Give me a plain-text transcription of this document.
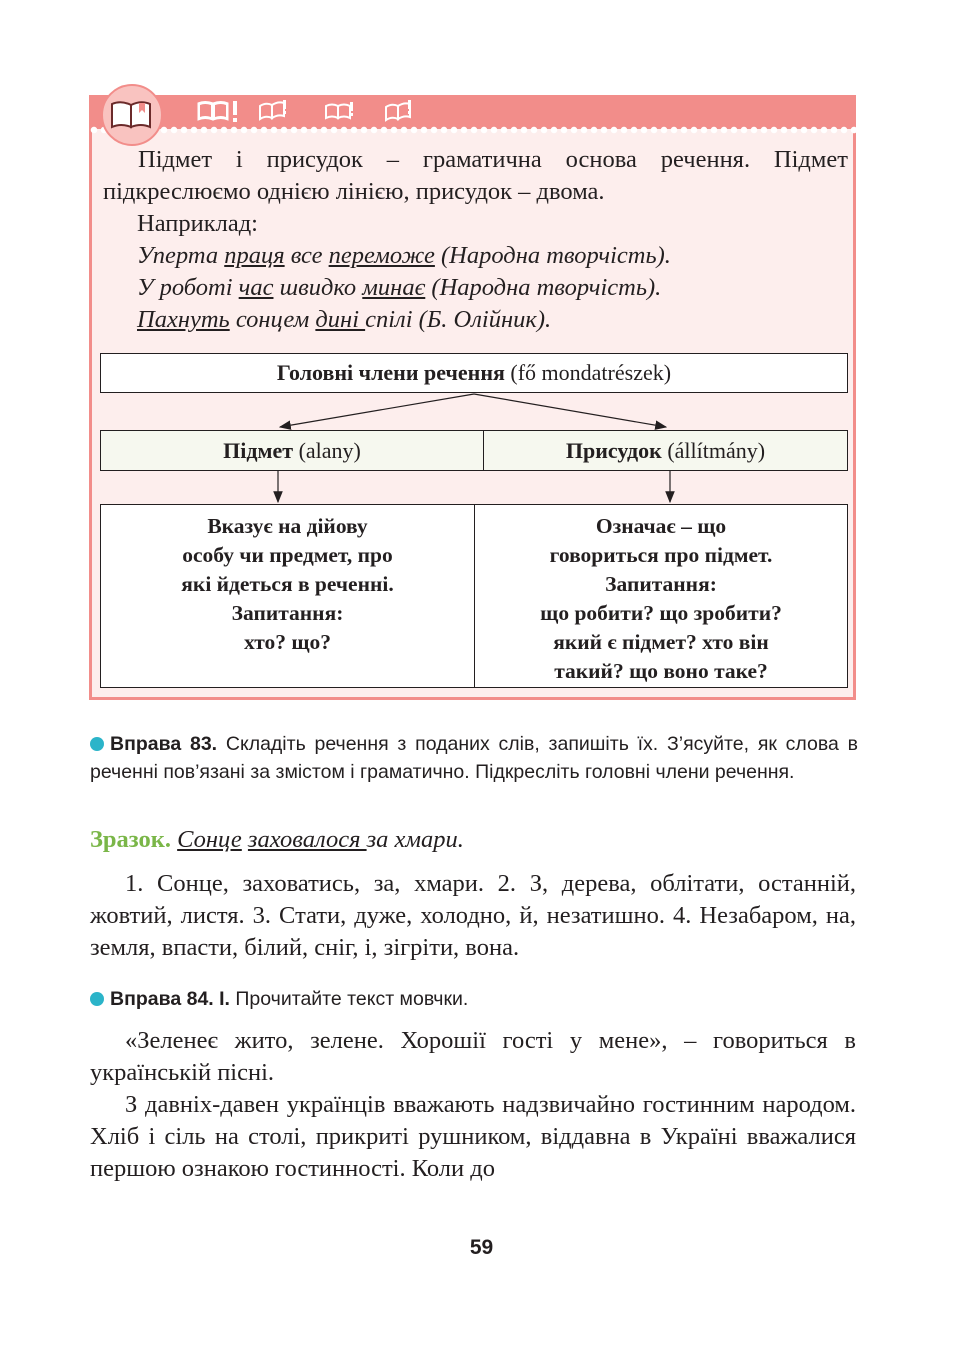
Підмет і присудок – граматична основа речення. Підмет підкреслюємо однією лінією, присудок – двома.
Наприклад:
Уперта праця все переможе (Народна творчість).
У роботі час швидко минає (Народна творчість).
Пахнуть сонцем дині спілі (Б. Олійник).
Головні члени речення (fő mondatrészek)
Підмет (alany)	Присудок (állítmány)
Вказує на дійову
особу чи предмет, про
які йдеться в реченні.
Запитання:
хто? що?
Означає – що
говориться про підмет.
Запитання:
що робити? що зробити?
який є підмет? хто він
такий? що воно таке?
Вправа 83. Складіть речення з поданих слів, запишіть їх. З’ясуйте, як слова в реченні пов’язані за змістом і граматично. Підкресліть головні члени речення.
Зразок. Сонце заховалося за хмари.
1. Сонце, заховатись, за, хмари. 2. З, дерева, облітати, останній, жовтий, листя. 3. Стати, дуже, холодно, й, незатишно. 4. Незабаром, на, земля, впасти, білий, сніг, і, зігріти, вона.
Вправа 84. I. Прочитайте текст мовчки.
«Зеленеє жито, зелене. Хорошії гості у мене», – говориться в українській пісні.
З давніх-давен українців вважають надзвичайно гостинним народом. Хліб і сіль на столі, прикриті рушником, віддавна в Україні вважалися першою ознакою гостинності. Коли до
59
